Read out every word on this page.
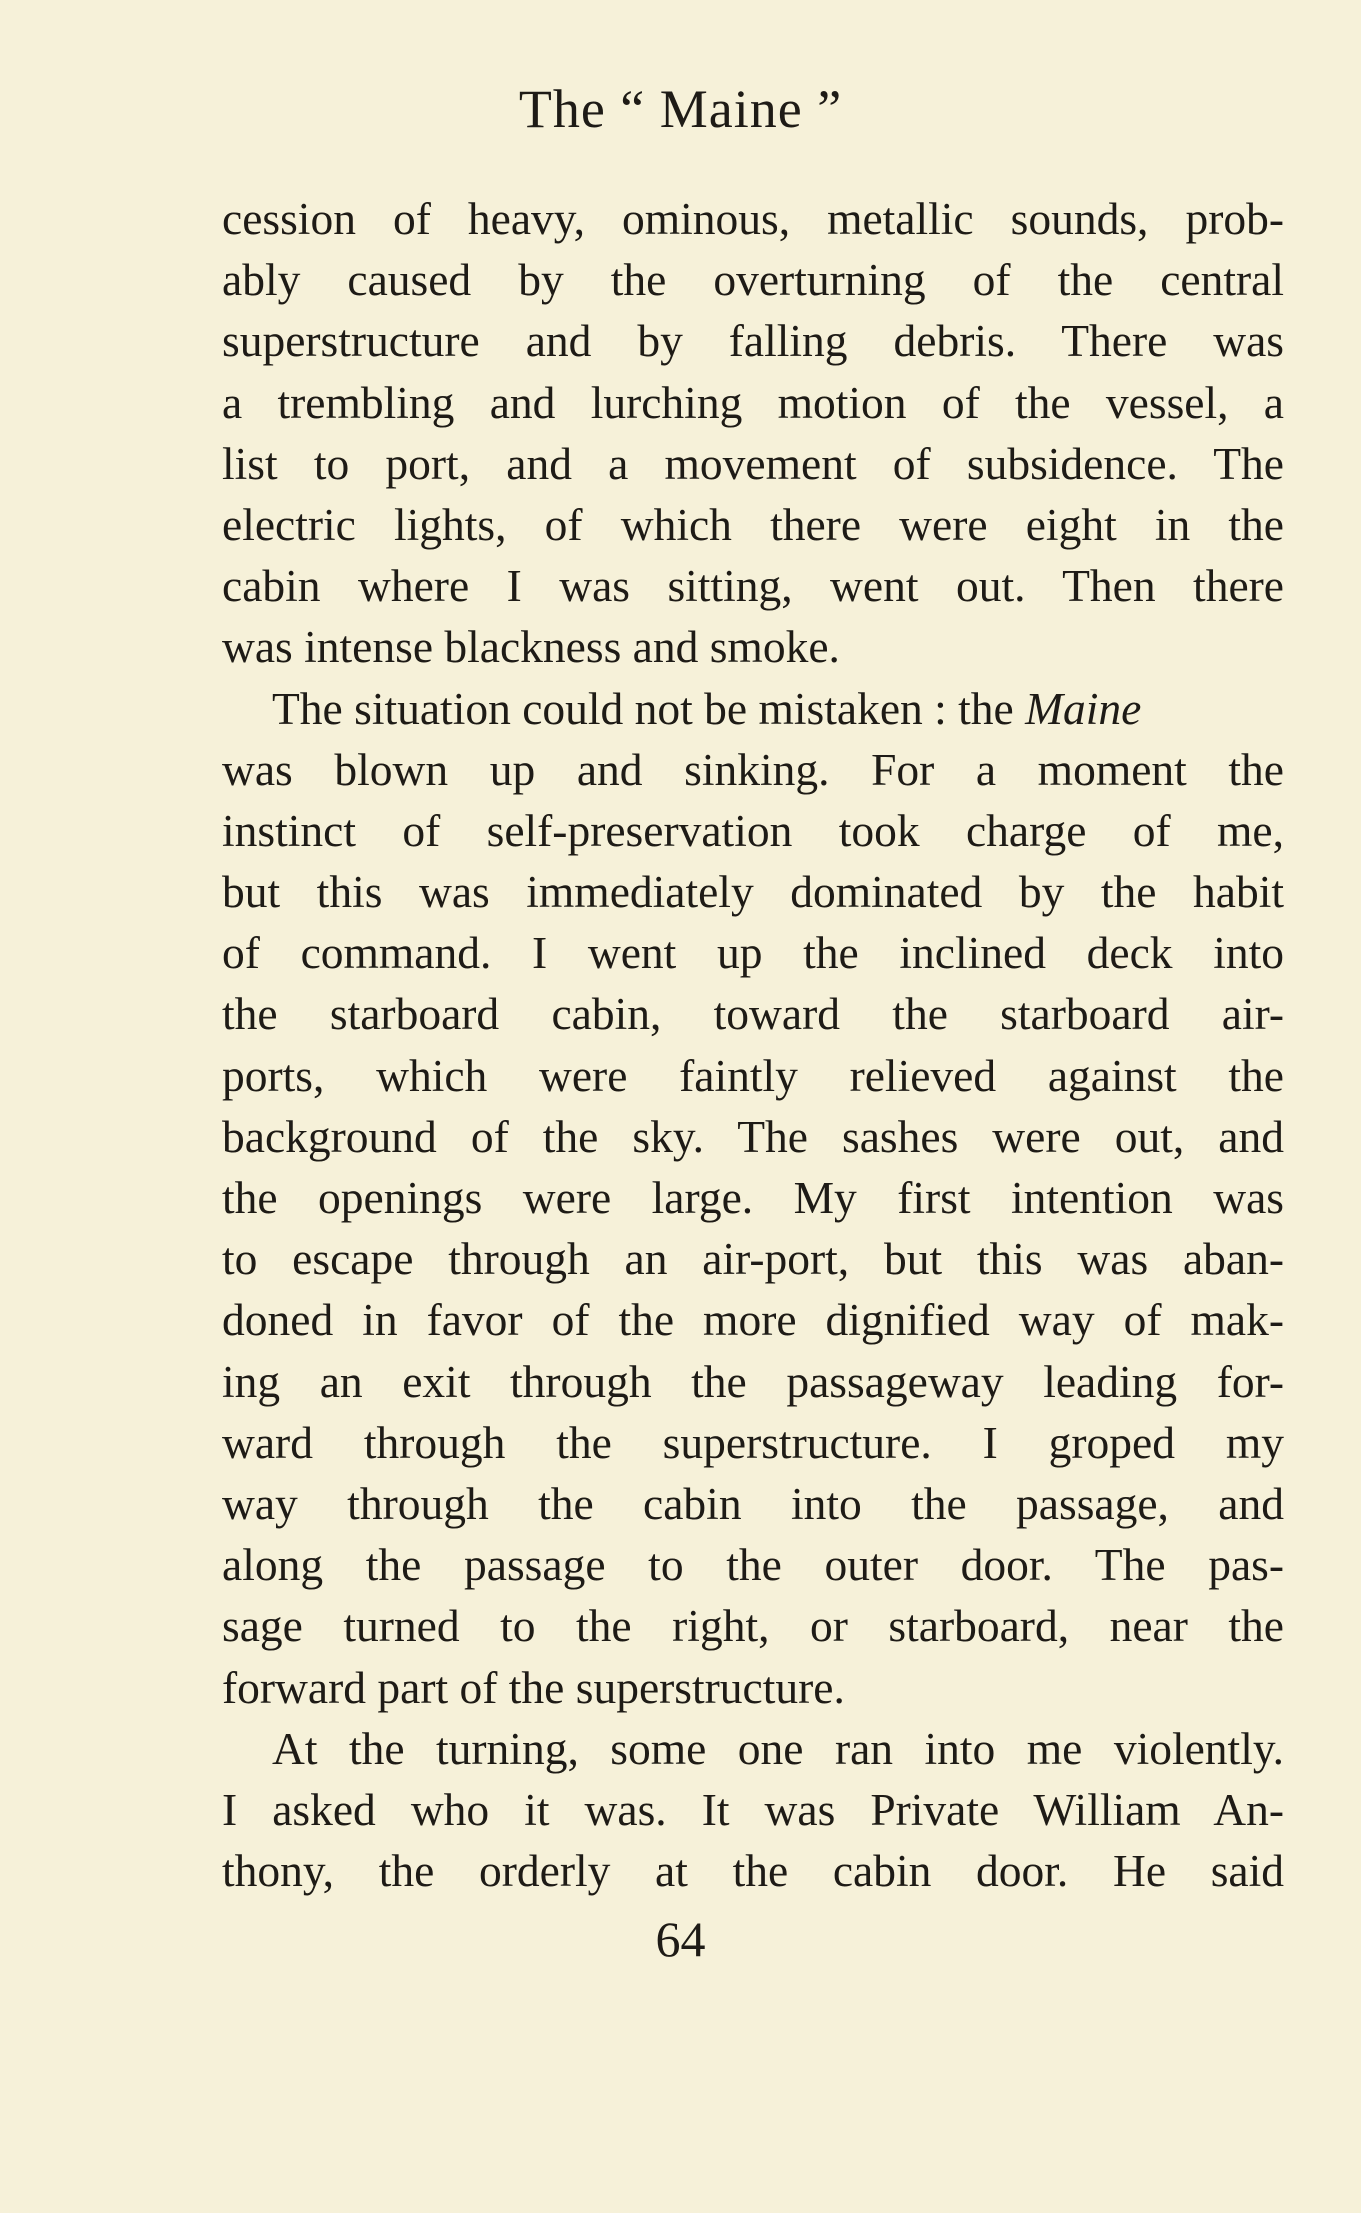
The “ Maine ”
cession of heavy, ominous, metallic sounds, prob-
ably caused by the overturning of the central
superstructure and by falling debris. There was
a trembling and lurching motion of the vessel, a
list to port, and a movement of subsidence. The
electric lights, of which there were eight in the
cabin where I was sitting, went out. Then there
was intense blackness and smoke.
The situation could not be mistaken : the Maine
was blown up and sinking. For a moment the
instinct of self-preservation took charge of me,
but this was immediately dominated by the habit
of command. I went up the inclined deck into
the starboard cabin, toward the starboard air-
ports, which were faintly relieved against the
background of the sky. The sashes were out, and
the openings were large. My first intention was
to escape through an air-port, but this was aban-
doned in favor of the more dignified way of mak-
ing an exit through the passageway leading for-
ward through the superstructure. I groped my
way through the cabin into the passage, and
along the passage to the outer door. The pas-
sage turned to the right, or starboard, near the
forward part of the superstructure.
At the turning, some one ran into me violently.
I asked who it was. It was Private William An-
thony, the orderly at the cabin door. He said
64
